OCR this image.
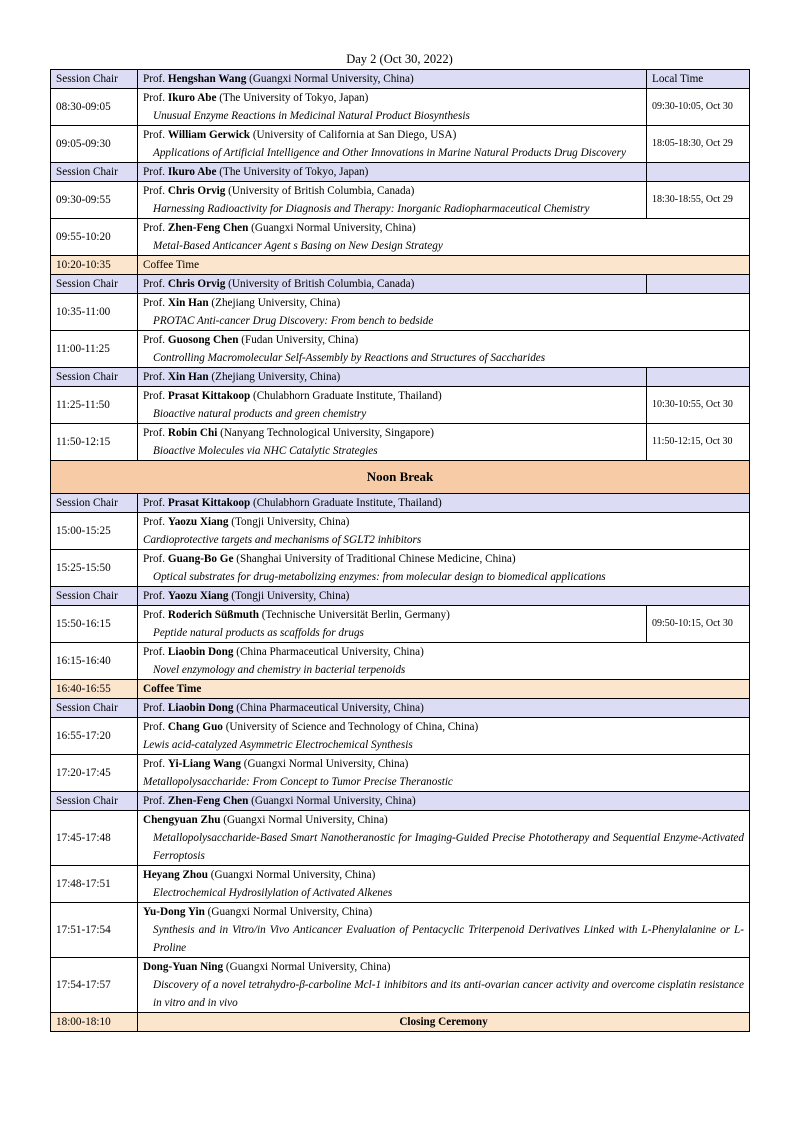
Day 2 (Oct 30, 2022)
Session Chair	Prof. Hengshan Wang (Guangxi Normal University, China)	Local Time
08:30-09:05	Prof. Ikuro Abe (The University of Tokyo, Japan)
Unusual Enzyme Reactions in Medicinal Natural Product Biosynthesis	09:30-10:05, Oct 30
09:05-09:30	Prof. William Gerwick (University of California at San Diego, USA)
Applications of Artificial Intelligence and Other Innovations in Marine Natural Products Drug Discovery	18:05-18:30, Oct 29
Session Chair	Prof. Ikuro Abe (The University of Tokyo, Japan)	
09:30-09:55	Prof. Chris Orvig (University of British Columbia, Canada)
Harnessing Radioactivity for Diagnosis and Therapy: Inorganic Radiopharmaceutical Chemistry	18:30-18:55, Oct 29
09:55-10:20	Prof. Zhen-Feng Chen (Guangxi Normal University, China)
Metal-Based Anticancer Agent s Basing on New Design Strategy	

10:20-10:35	Coffee Time	
Session Chair	Prof. Chris Orvig (University of British Columbia, Canada)	
10:35-11:00	Prof. Xin Han (Zhejiang University, China)
PROTAC Anti-cancer Drug Discovery: From bench to bedside	

11:00-11:25	Prof. Guosong Chen (Fudan University, China)
Controlling Macromolecular Self-Assembly by Reactions and Structures of Saccharides	

Session Chair	Prof. Xin Han (Zhejiang University, China)	
11:25-11:50	Prof. Prasat Kittakoop (Chulabhorn Graduate Institute, Thailand)
Bioactive natural products and green chemistry	10:30-10:55, Oct 30
11:50-12:15	Prof. Robin Chi (Nanyang Technological University, Singapore)
Bioactive Molecules via NHC Catalytic Strategies	11:50-12:15, Oct 30
Noon Break		
Session Chair	Prof. Prasat Kittakoop (Chulabhorn Graduate Institute, Thailand)	
15:00-15:25	Prof. Yaozu Xiang (Tongji University, China)
Cardioprotective targets and mechanisms of SGLT2 inhibitors	

15:25-15:50	Prof. Guang-Bo Ge (Shanghai University of Traditional Chinese Medicine, China)
Optical substrates for drug-metabolizing enzymes: from molecular design to biomedical applications	

Session Chair	Prof. Yaozu Xiang (Tongji University, China)	
15:50-16:15	Prof. Roderich Süßmuth (Technische Universität Berlin, Germany)
Peptide natural products as scaffolds for drugs	09:50-10:15, Oct 30
16:15-16:40	Prof. Liaobin Dong (China Pharmaceutical University, China)
Novel enzymology and chemistry in bacterial terpenoids	

16:40-16:55	Coffee Time	
Session Chair	Prof. Liaobin Dong (China Pharmaceutical University, China)	
16:55-17:20	Prof. Chang Guo (University of Science and Technology of China, China)
Lewis acid-catalyzed Asymmetric Electrochemical Synthesis	

17:20-17:45	Prof. Yi-Liang Wang (Guangxi Normal University, China)
Metallopolysaccharide: From Concept to Tumor Precise Theranostic	

Session Chair	Prof. Zhen-Feng Chen (Guangxi Normal University, China)	
17:45-17:48	Chengyuan Zhu (Guangxi Normal University, China)
Metallopolysaccharide-Based Smart Nanotheranostic for Imaging-Guided Precise Phototherapy and Sequential Enzyme-Activated Ferroptosis	

17:48-17:51	Heyang Zhou (Guangxi Normal University, China)
Electrochemical Hydrosilylation of Activated Alkenes	

17:51-17:54	Yu-Dong Yin (Guangxi Normal University, China)
Synthesis and in Vitro/in Vivo Anticancer Evaluation of Pentacyclic Triterpenoid Derivatives Linked with L-Phenylalanine or L-Proline	

17:54-17:57	Dong-Yuan Ning (Guangxi Normal University, China)
Discovery of a novel tetrahydro-β-carboline Mcl-1 inhibitors and its anti-ovarian cancer activity and overcome cisplatin resistance in vitro and in vivo	

18:00-18:10	Closing Ceremony	
